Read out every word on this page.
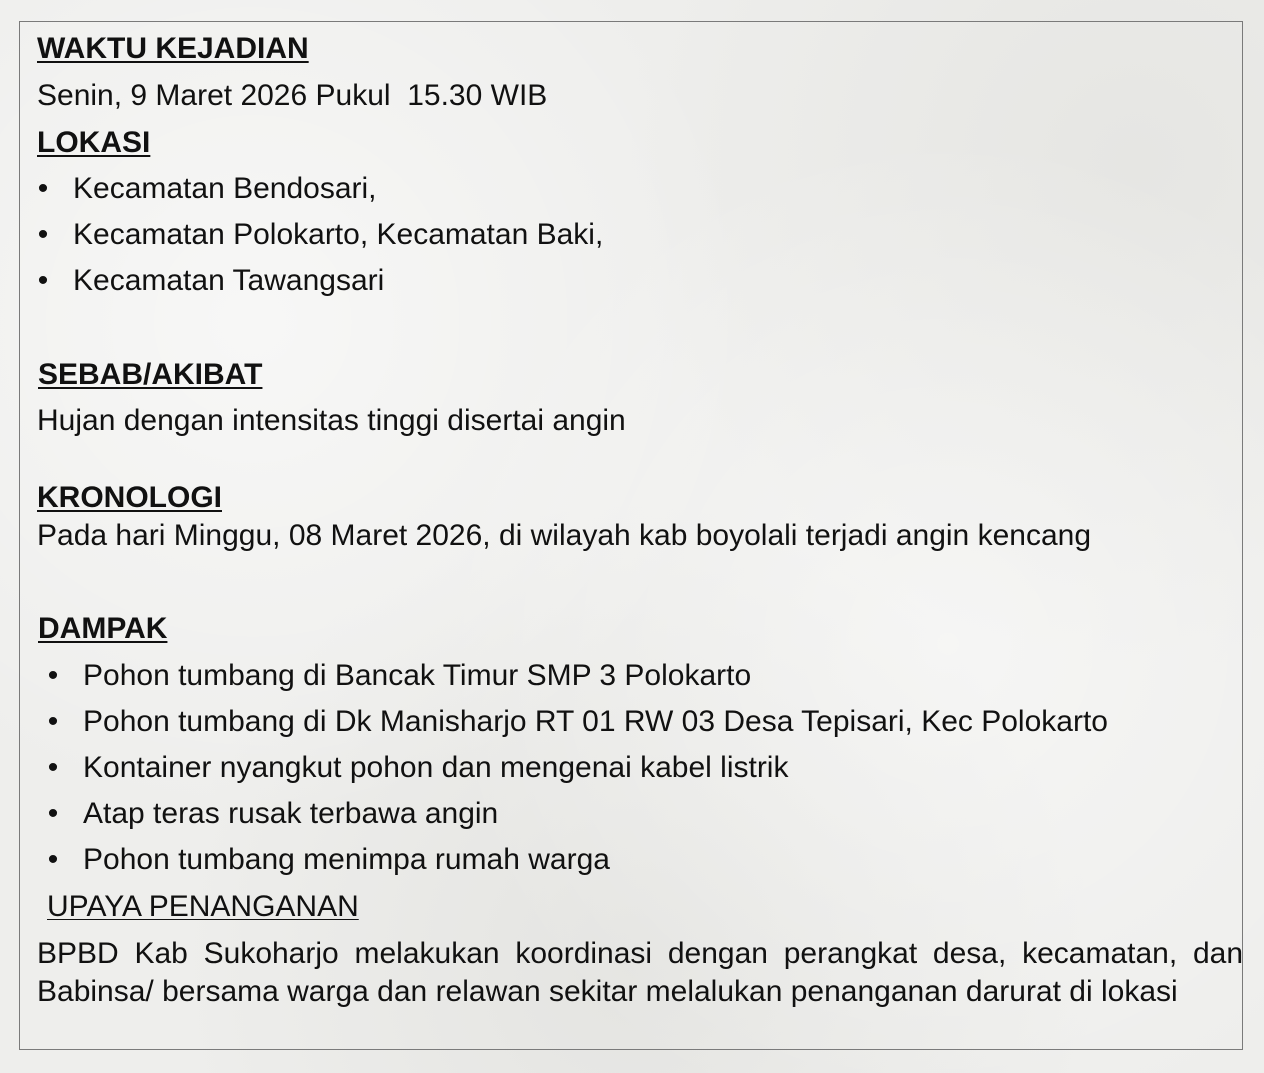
WAKTU KEJADIAN

Senin, 9 Maret 2026 Pukul  15.30 WIB

LOKASI

• Kecamatan Bendosari,
• Kecamatan Polokarto, Kecamatan Baki,
• Kecamatan Tawangsari

SEBAB/AKIBAT

Hujan dengan intensitas tinggi disertai angin

KRONOLOGI

Pada hari Minggu, 08 Maret 2026, di wilayah kab boyolali terjadi angin kencang

DAMPAK

• Pohon tumbang di Bancak Timur SMP 3 Polokarto
• Pohon tumbang di Dk Manisharjo RT 01 RW 03 Desa Tepisari, Kec Polokarto
• Kontainer nyangkut pohon dan mengenai kabel listrik
• Atap teras rusak terbawa angin
• Pohon tumbang menimpa rumah warga

UPAYA PENANGANAN

BPBD Kab Sukoharjo melakukan koordinasi dengan perangkat desa, kecamatan, dan Babinsa/ bersama warga dan relawan sekitar melalukan penanganan darurat di lokasi
